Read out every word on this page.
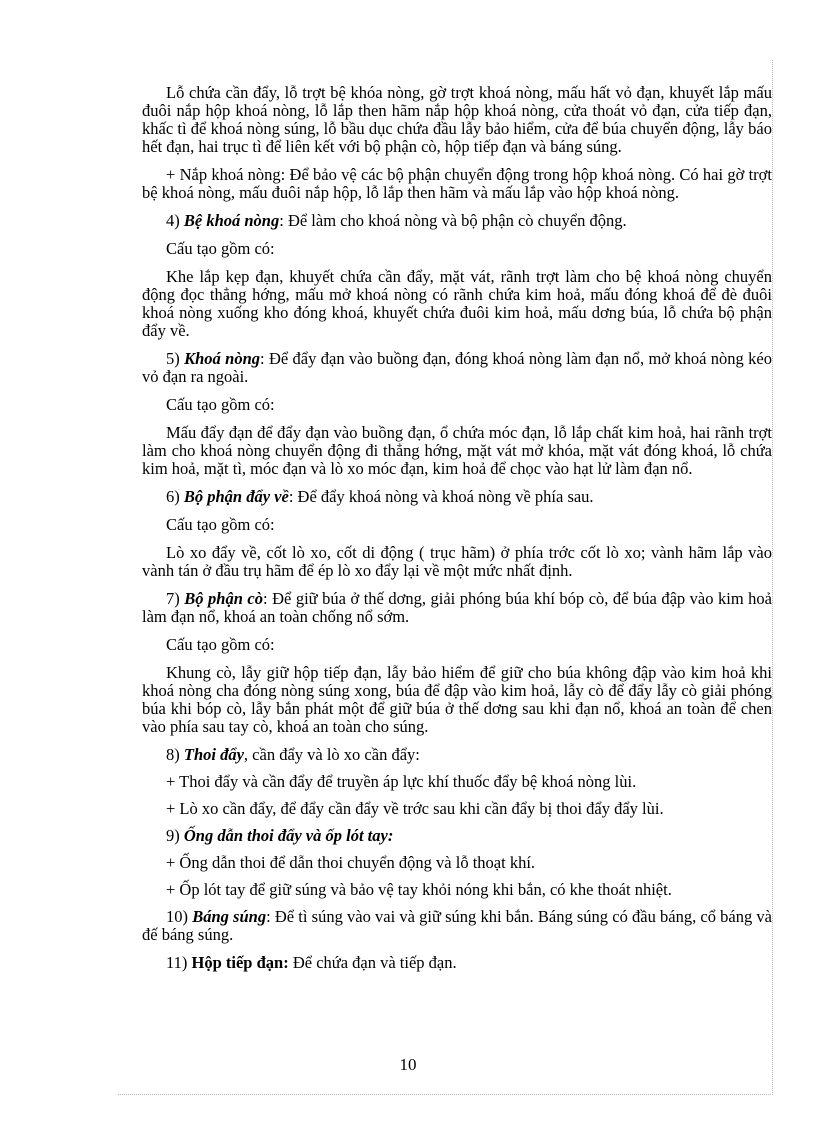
Lỗ chứa cần đẩy, lỗ trợt bệ khóa nòng, gờ trợt khoá nòng, mấu hất vỏ đạn, khuyết lắp mấu đuôi nắp hộp khoá nòng, lỗ lắp then hãm nắp hộp khoá nòng, cửa thoát vỏ đạn, cửa tiếp đạn, khấc tì để khoá nòng súng, lỗ bầu dục chứa đầu lẫy bảo hiểm, cửa để búa chuyển động, lẫy báo hết đạn, hai trục tì để liên kết với bộ phận cò, hộp tiếp đạn và báng súng.

+ Nắp khoá nòng: Để bảo vệ các bộ phận chuyển động trong hộp khoá nòng. Có hai gờ trợt bệ khoá nòng, mấu đuôi nắp hộp, lỗ lắp then hãm và mấu lắp vào hộp khoá nòng.

4) Bệ khoá nòng: Để làm cho khoá nòng và bộ phận cò chuyển động.

Cấu tạo gồm có:

Khe lắp kẹp đạn, khuyết chứa cần đẩy, mặt vát, rãnh trợt làm cho bệ khoá nòng chuyển động đọc thẳng hớng, mấu mở khoá nòng có rãnh chứa kim hoả, mấu đóng khoá để đè đuôi khoá nòng xuống kho đóng khoá, khuyết chứa đuôi kim hoả, mấu dơng búa, lỗ chứa bộ phận đẩy về.

5) Khoá nòng: Để đẩy đạn vào buồng đạn, đóng khoá nòng làm đạn nổ, mở khoá nòng kéo vỏ đạn ra ngoài.

Cấu tạo gồm có:

Mấu đẩy đạn để đẩy đạn vào buồng đạn, ổ chứa móc đạn, lỗ lắp chất kim hoả, hai rãnh trợt làm cho khoá nòng chuyển động đi thẳng hớng, mặt vát mở khóa, mặt vát đóng khoá, lỗ chứa kim hoả, mặt tì, móc đạn và lò xo móc đạn, kim hoả để chọc vào hạt lử làm đạn nổ.

6) Bộ phận đẩy về: Để đẩy khoá nòng và khoá nòng về phía sau.

Cấu tạo gồm có:

Lò xo đẩy về, cốt lò xo, cốt di động ( trục hãm) ở phía trớc cốt lò xo; vành hãm lắp vào vành tán ở đầu trụ hãm để ép lò xo đẩy lại về một mức nhất định.

7) Bộ phận cò: Để giữ búa ở thế dơng, giải phóng búa khí bóp cò, để búa đập vào kim hoả làm đạn nổ, khoá an toàn chống nổ sớm.

Cấu tạo gồm có:

Khung cò, lẫy giữ hộp tiếp đạn, lẫy bảo hiểm để giữ cho búa không đập vào kim hoả khi khoá nòng cha đóng nòng súng xong, búa để đập vào kim hoả, lẫy cò để đẩy lẫy cò giải phóng búa khi bóp cò, lẫy bắn phát một để giữ búa ở thế dơng sau khi đạn nổ, khoá an toàn để chen vào phía sau tay cò, khoá an toàn cho súng.

8) Thoi đẩy, cần đẩy và lò xo cần đẩy:

+ Thoi đẩy và cần đẩy để truyền áp lực khí thuốc đẩy bệ khoá nòng lùi.

+ Lò xo cần đẩy, để đẩy cần đẩy về trớc sau khi cần đẩy bị thoi đẩy đẩy lùi.

9) Ống dẫn thoi đẩy và ốp lót tay:

+ Ống dẫn thoi để dẫn thoi chuyển động và lỗ thoạt khí.

+ Ốp lót tay để giữ súng và bảo vệ tay khỏi nóng khi bắn, có khe thoát nhiệt.

10) Báng súng: Để tì súng vào vai và giữ súng khi bắn. Báng súng có đầu báng, cổ báng và đế báng súng.

11) Hộp tiếp đạn: Để chứa đạn và tiếp đạn.

10
